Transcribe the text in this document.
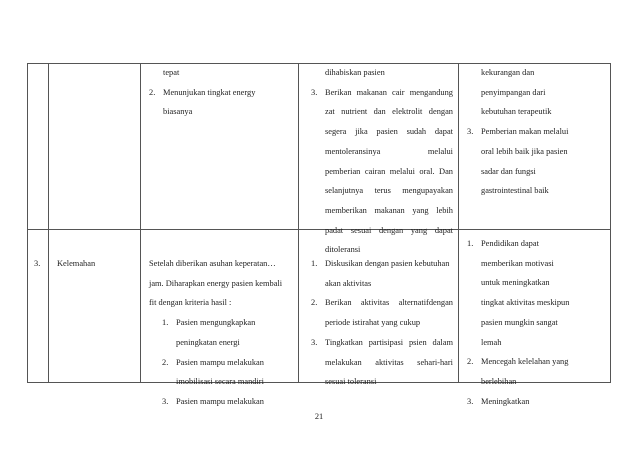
tepat
2. Menunjukan tingkat energy
biasanya
dihabiskan pasien
3. Berikan makanan cair mengandung
zat nutrient dan elektrolit dengan
segera jika pasien sudah dapat
mentoleransinya melalui
pemberian cairan melalui oral. Dan
selanjutnya terus mengupayakan
memberikan makanan yang lebih
padat sesuai dengan yang dapat
ditoleransi
kekurangan dan
penyimpangan dari
kebutuhan terapeutik
3. Pemberian makan melalui
oral lebih baik jika pasien
sadar dan fungsi
gastrointestinal baik
3. Kelemahan	Setelah diberikan asuhan keperatan…
jam. Diharapkan energy pasien kembali
fit dengan kriteria hasil :
1. Pasien mengungkapkan
peningkatan energi
2. Pasien mampu melakukan
imobilisasi secara mandiri
3. Pasien mampu melakukan
1. Diskusikan dengan pasien kebutuhan
akan aktivitas
2. Berikan aktivitas alternatifdengan
periode istirahat yang cukup
3. Tingkatkan partisipasi psien dalam
melakukan aktivitas sehari-hari
sesuai toleransi
1. Pendidikan dapat
memberikan motivasi
untuk meningkatkan
tingkat aktivitas meskipun
pasien mungkin sangat
lemah
2. Mencegah kelelahan yang
berlebihan
3. Meningkatkan
21
